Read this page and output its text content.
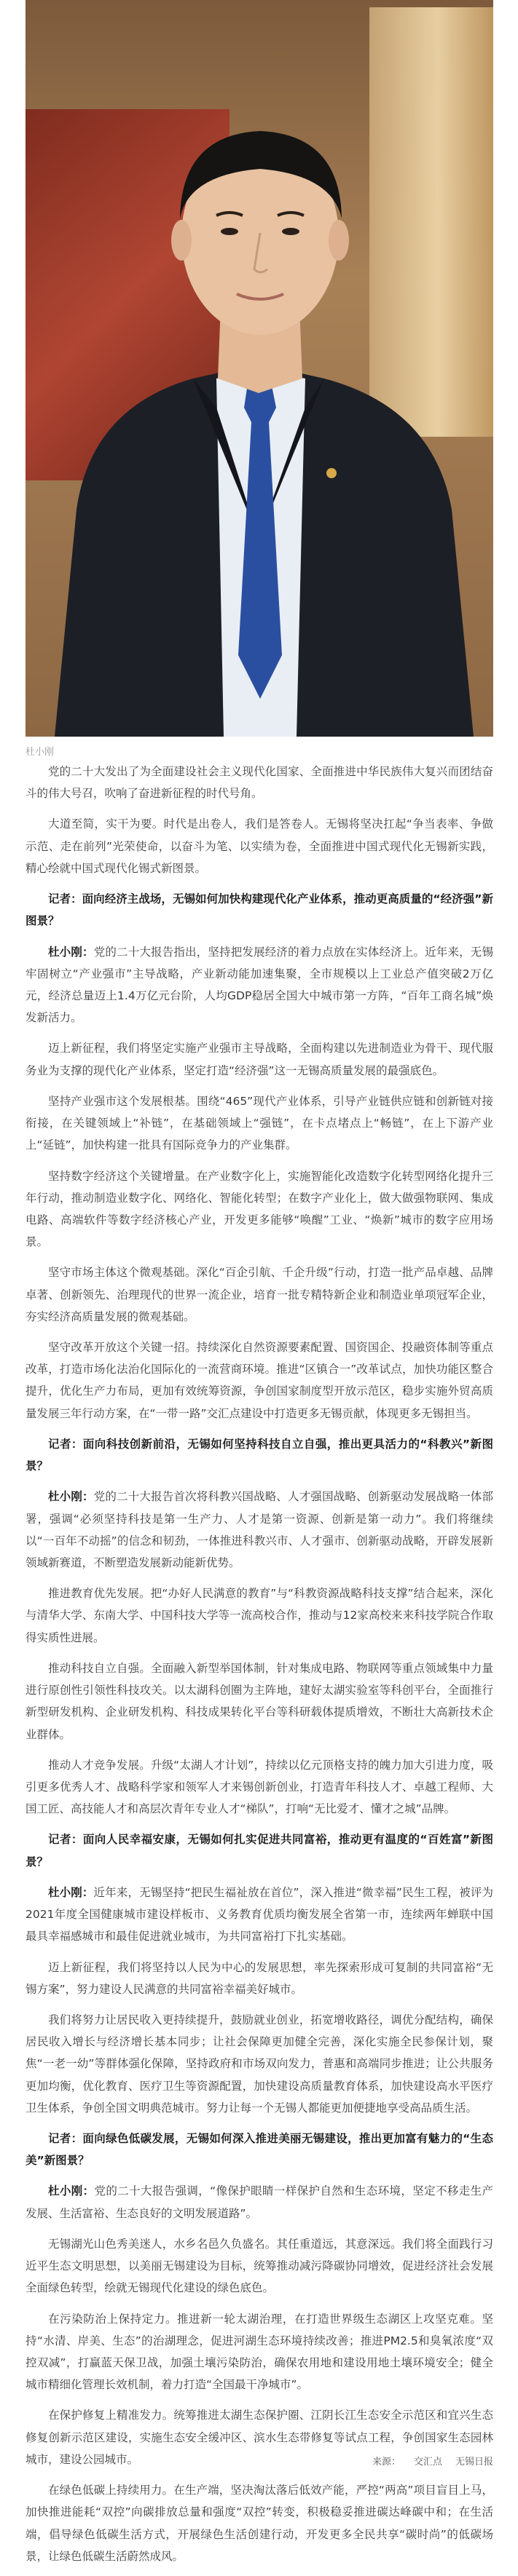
杜小刚

党的二十大发出了为全面建设社会主义现代化国家、全面推进中华民族伟大复兴而团结奋斗的伟大号召，吹响了奋进新征程的时代号角。

大道至简，实干为要。时代是出卷人，我们是答卷人。无锡将坚决扛起“争当表率、争做示范、走在前列”光荣使命，以奋斗为笔、以实绩为卷，全面推进中国式现代化无锡新实践，精心绘就中国式现代化锡式新图景。

记者：面向经济主战场，无锡如何加快构建现代化产业体系，推动更高质量的“经济强”新图景？

杜小刚：党的二十大报告指出，坚持把发展经济的着力点放在实体经济上。近年来，无锡牢固树立“产业强市”主导战略，产业新动能加速集聚，全市规模以上工业总产值突破2万亿元，经济总量迈上1.4万亿元台阶，人均GDP稳居全国大中城市第一方阵，“百年工商名城”焕发新活力。

迈上新征程，我们将坚定实施产业强市主导战略，全面构建以先进制造业为骨干、现代服务业为支撑的现代化产业体系，坚定打造“经济强”这一无锡高质量发展的最强底色。

坚持产业强市这个发展根基。围绕“465”现代产业体系，引导产业链供应链和创新链对接衔接，在关键领域上“补链”，在基础领域上“强链”，在卡点堵点上“畅链”，在上下游产业上“延链”，加快构建一批具有国际竞争力的产业集群。

坚持数字经济这个关键增量。在产业数字化上，实施智能化改造数字化转型网络化提升三年行动，推动制造业数字化、网络化、智能化转型；在数字产业化上，做大做强物联网、集成电路、高端软件等数字经济核心产业，开发更多能够“唤醒”工业、“焕新”城市的数字应用场景。

坚守市场主体这个微观基础。深化“百企引航、千企升级”行动，打造一批产品卓越、品牌卓著、创新领先、治理现代的世界一流企业，培育一批专精特新企业和制造业单项冠军企业，夯实经济高质量发展的微观基础。

坚守改革开放这个关键一招。持续深化自然资源要素配置、国资国企、投融资体制等重点改革，打造市场化法治化国际化的一流营商环境。推进“区镇合一”改革试点，加快功能区整合提升，优化生产力布局，更加有效统筹资源，争创国家制度型开放示范区，稳步实施外贸高质量发展三年行动方案，在“一带一路”交汇点建设中打造更多无锡贡献，体现更多无锡担当。

记者：面向科技创新前沿，无锡如何坚持科技自立自强，推出更具活力的“科教兴”新图景？

杜小刚：党的二十大报告首次将科教兴国战略、人才强国战略、创新驱动发展战略一体部署，强调“必须坚持科技是第一生产力、人才是第一资源、创新是第一动力”。我们将继续以“一百年不动摇”的信念和韧劲，一体推进科教兴市、人才强市、创新驱动战略，开辟发展新领域新赛道，不断塑造发展新动能新优势。

推进教育优先发展。把“办好人民满意的教育”与“科教资源战略科技支撑”结合起来，深化与清华大学、东南大学、中国科技大学等一流高校合作，推动与12家高校来来科技学院合作取得实质性进展。

推动科技自立自强。全面融入新型举国体制，针对集成电路、物联网等重点领域集中力量进行原创性引领性科技攻关。以太湖科创圈为主阵地，建好太湖实验室等科创平台，全面推行新型研发机构、企业研发机构、科技成果转化平台等科研载体提质增效，不断壮大高新技术企业群体。

推动人才竞争发展。升级“太湖人才计划”，持续以亿元顶格支持的魄力加大引进力度，吸引更多优秀人才、战略科学家和领军人才来锡创新创业，打造青年科技人才、卓越工程师、大国工匠、高技能人才和高层次青年专业人才“梯队”，打响“无比爱才、懂才之城”品牌。

记者：面向人民幸福安康，无锡如何扎实促进共同富裕，推动更有温度的“百姓富”新图景？

杜小刚：近年来，无锡坚持“把民生福祉放在首位”，深入推进“微幸福”民生工程，被评为2021年度全国健康城市建设样板市、义务教育优质均衡发展全省第一市，连续两年蝉联中国最具幸福感城市和最佳促进就业城市，为共同富裕打下扎实基础。

迈上新征程，我们将坚持以人民为中心的发展思想，率先探索形成可复制的共同富裕“无锡方案”，努力建设人民满意的共同富裕幸福美好城市。

我们将努力让居民收入更持续提升，鼓励就业创业，拓宽增收路径，调优分配结构，确保居民收入增长与经济增长基本同步；让社会保障更加健全完善，深化实施全民参保计划，聚焦“一老一幼”等群体强化保障，坚持政府和市场双向发力，普惠和高端同步推进；让公共服务更加均衡，优化教育、医疗卫生等资源配置，加快建设高质量教育体系，加快建设高水平医疗卫生体系，争创全国文明典范城市。努力让每一个无锡人都能更加便捷地享受高品质生活。

记者：面向绿色低碳发展，无锡如何深入推进美丽无锡建设，推出更加富有魅力的“生态美”新图景？

杜小刚：党的二十大报告强调，“像保护眼睛一样保护自然和生态环境，坚定不移走生产发展、生活富裕、生态良好的文明发展道路”。

无锡湖光山色秀美迷人，水乡名邑久负盛名。其任重道远，其意深远。我们将全面践行习近平生态文明思想，以美丽无锡建设为目标，统筹推动减污降碳协同增效，促进经济社会发展全面绿色转型，绘就无锡现代化建设的绿色底色。

在污染防治上保持定力。推进新一轮太湖治理，在打造世界级生态湖区上攻坚克难。坚持“水清、岸美、生态”的治湖理念，促进河湖生态环境持续改善；推进PM2.5和臭氧浓度“双控双减”，打赢蓝天保卫战，加强土壤污染防治，确保农用地和建设用地土壤环境安全；健全城市精细化管理长效机制，着力打造“全国最干净城市”。

在保护修复上精准发力。统筹推进太湖生态保护圈、江阴长江生态安全示范区和宜兴生态修复创新示范区建设，实施生态安全缓冲区、滨水生态带修复等试点工程，争创国家生态园林城市，建设公园城市。

在绿色低碳上持续用力。在生产端，坚决淘汰落后低效产能，严控“两高”项目盲目上马，加快推进能耗“双控”向碳排放总量和强度“双控”转变，积极稳妥推进碳达峰碳中和；在生活端，倡导绿色低碳生活方式，开展绿色生活创建行动，开发更多全民共享“碳时尚”的低碳场景，让绿色低碳生活蔚然成风。

来源： 交汇点 无锡日报
